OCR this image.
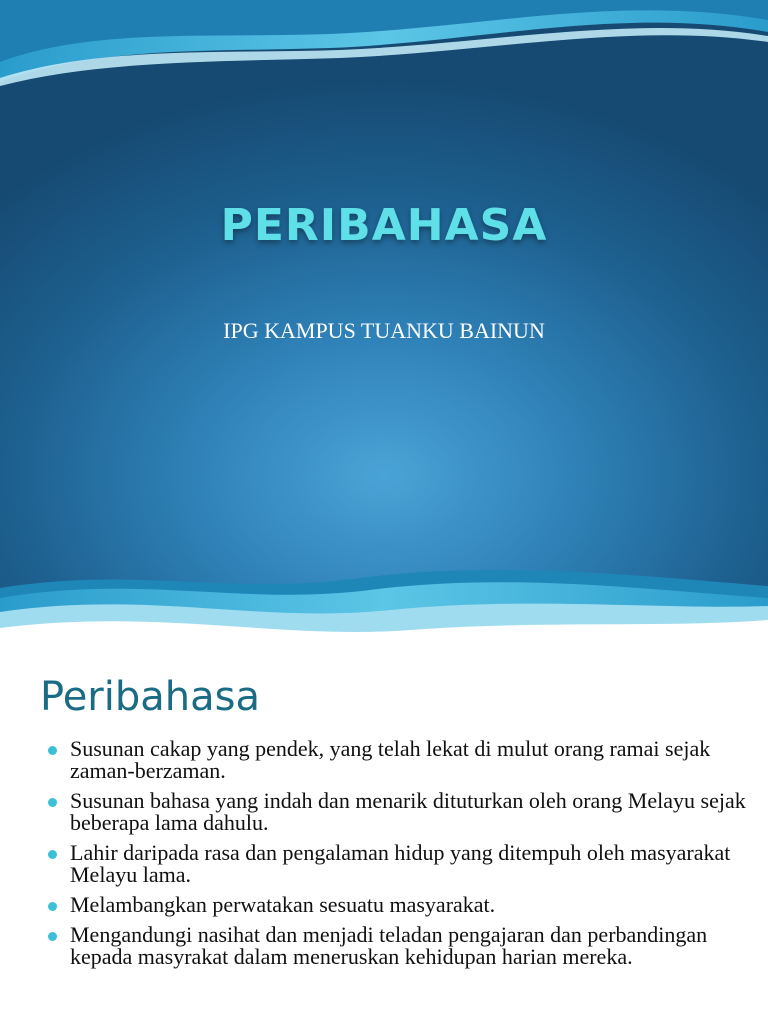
PERIBAHASA

IPG KAMPUS TUANKU BAINUN

Peribahasa
Susunan cakap yang pendek, yang telah lekat di mulut orang ramai sejak zaman-berzaman.
Susunan bahasa yang indah dan menarik dituturkan oleh orang Melayu sejak beberapa lama dahulu.
Lahir daripada rasa dan pengalaman hidup yang ditempuh oleh masyarakat Melayu lama.
Melambangkan perwatakan sesuatu masyarakat.
Mengandungi nasihat dan menjadi teladan pengajaran dan perbandingan kepada masyrakat dalam meneruskan kehidupan harian mereka.
